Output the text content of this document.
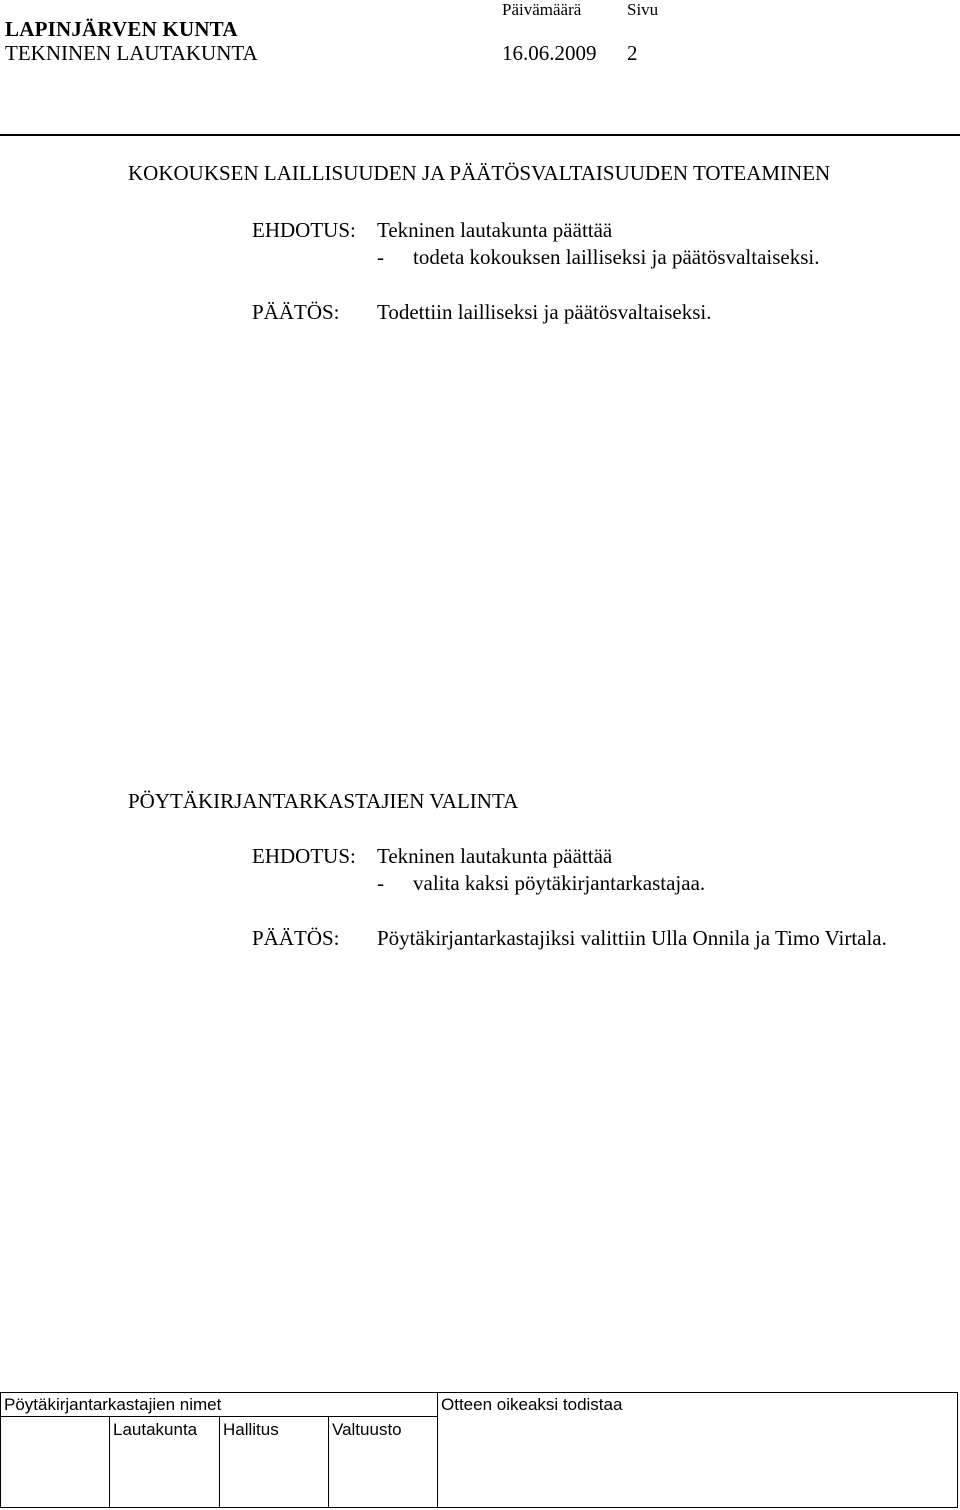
LAPINJÄRVEN KUNTA
TEKNINEN LAUTAKUNTA
Päivämäärä
16.06.2009
Sivu
2
KOKOUKSEN LAILLISUUDEN JA PÄÄTÖSVALTAISUUDEN TOTEAMINEN
EHDOTUS: Tekninen lautakunta päättää
- todeta kokouksen lailliseksi ja päätösvaltaiseksi.
PÄÄTÖS: Todettiin lailliseksi ja päätösvaltaiseksi.
PÖYTÄKIRJANTARKASTAJIEN VALINTA
EHDOTUS: Tekninen lautakunta päättää
- valita kaksi pöytäkirjantarkastajaa.
PÄÄTÖS: Pöytäkirjantarkastajiksi valittiin Ulla Onnila ja Timo Virtala.
Pöytäkirjantarkastajien nimet
Lautakunta Hallitus	Valtuusto
Otteen oikeaksi todistaa
